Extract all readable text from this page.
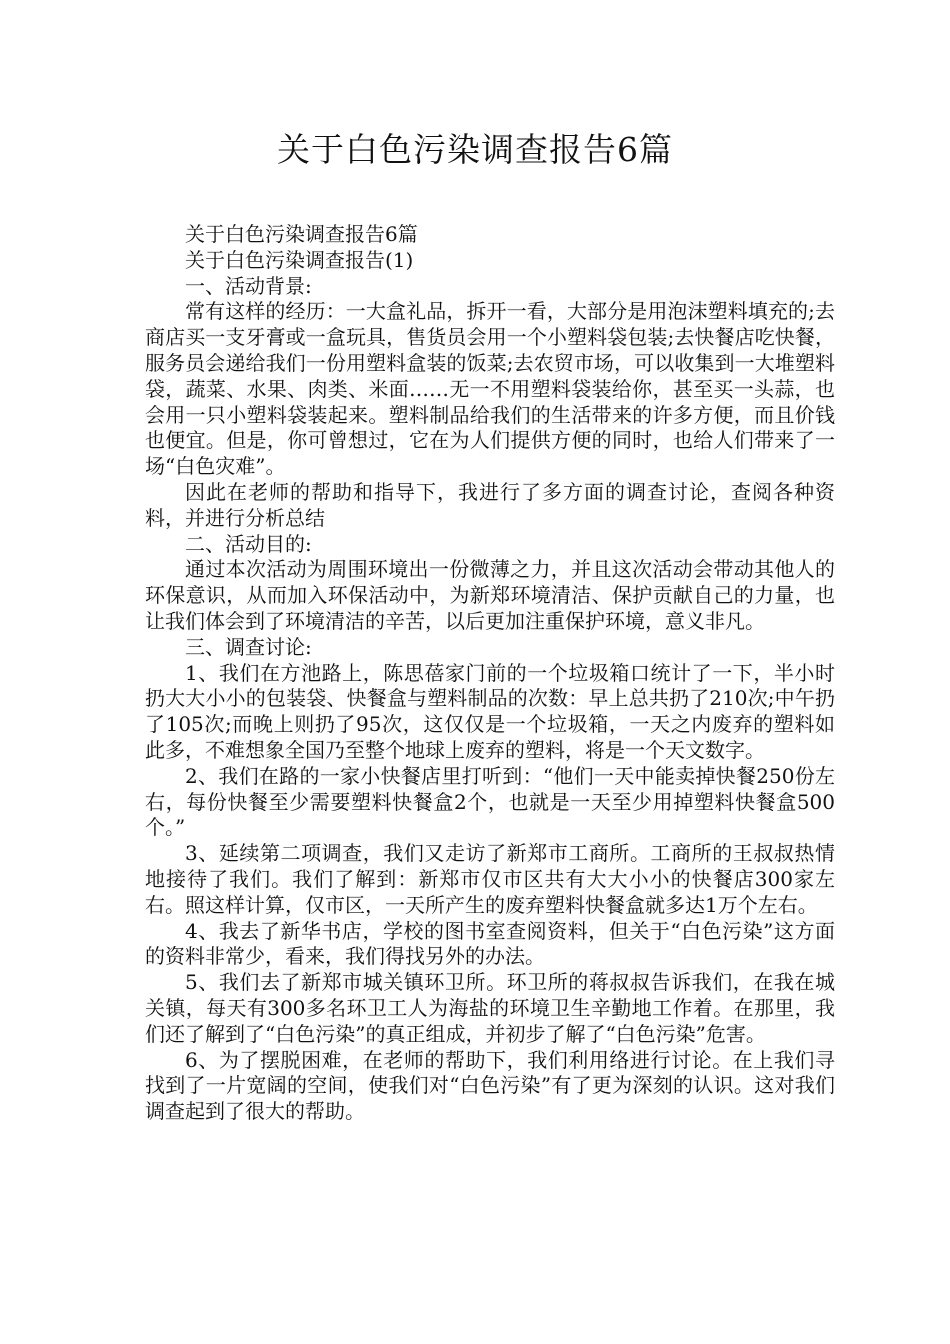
关于白色污染调查报告6篇

关于白色污染调查报告6篇

关于白色污染调查报告(1)

一、活动背景:

常有这样的经历：一大盒礼品，拆开一看，大部分是用泡沫塑料填充的;去商店买一支牙膏或一盒玩具，售货员会用一个小塑料袋包装;去快餐店吃快餐，服务员会递给我们一份用塑料盒装的饭菜;去农贸市场，可以收集到一大堆塑料袋，蔬菜、水果、肉类、米面……无一不用塑料袋装给你，甚至买一头蒜，也会用一只小塑料袋装起来。塑料制品给我们的生活带来的许多方便，而且价钱也便宜。但是，你可曾想过，它在为人们提供方便的同时，也给人们带来了一场“白色灾难”。

因此在老师的帮助和指导下，我进行了多方面的调查讨论，查阅各种资料，并进行分析总结

二、活动目的:

通过本次活动为周围环境出一份微薄之力，并且这次活动会带动其他人的环保意识，从而加入环保活动中，为新郑环境清洁、保护贡献自己的力量，也让我们体会到了环境清洁的辛苦，以后更加注重保护环境，意义非凡。

三、调查讨论:

1、我们在方池路上，陈思蓓家门前的一个垃圾箱口统计了一下，半小时扔大大小小的包装袋、快餐盒与塑料制品的次数：早上总共扔了210次;中午扔了105次;而晚上则扔了95次，这仅仅是一个垃圾箱，一天之内废弃的塑料如此多，不难想象全国乃至整个地球上废弃的塑料，将是一个天文数字。

2、我们在路的一家小快餐店里打听到：“他们一天中能卖掉快餐250份左右，每份快餐至少需要塑料快餐盒2个，也就是一天至少用掉塑料快餐盒500个。”

3、延续第二项调查，我们又走访了新郑市工商所。工商所的王叔叔热情地接待了我们。我们了解到：新郑市仅市区共有大大小小的快餐店300家左右。照这样计算，仅市区，一天所产生的废弃塑料快餐盒就多达1万个左右。

4、我去了新华书店，学校的图书室查阅资料，但关于“白色污染”这方面的资料非常少，看来，我们得找另外的办法。

5、我们去了新郑市城关镇环卫所。环卫所的蒋叔叔告诉我们，在我在城关镇，每天有300多名环卫工人为海盐的环境卫生辛勤地工作着。在那里，我们还了解到了“白色污染”的真正组成，并初步了解了“白色污染”危害。

6、为了摆脱困难，在老师的帮助下，我们利用络进行讨论。在上我们寻找到了一片宽阔的空间，使我们对“白色污染”有了更为深刻的认识。这对我们调查起到了很大的帮助。
